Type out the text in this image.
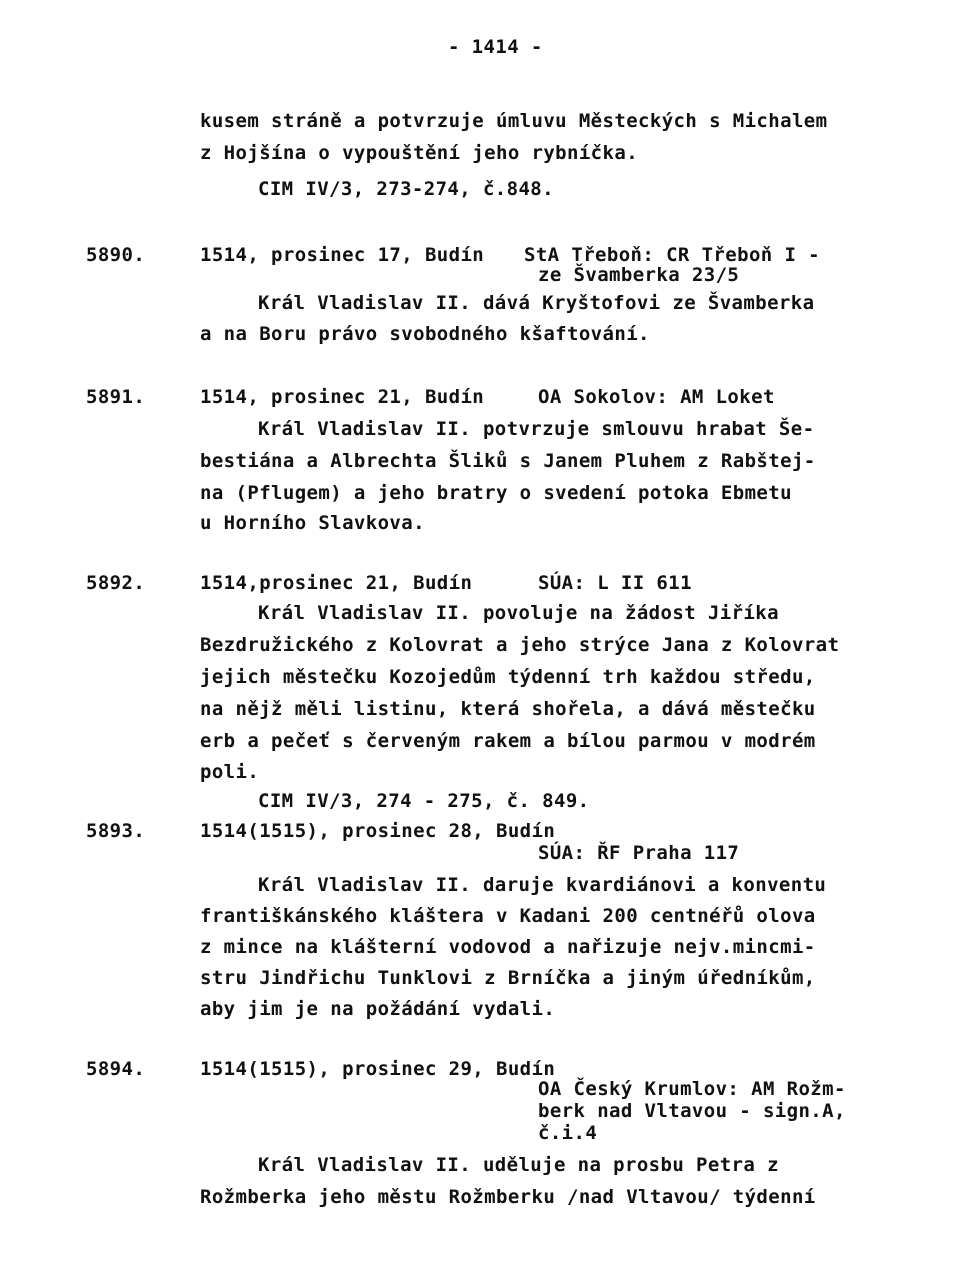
- 1414 -
kusem stráně a potvrzuje úmluvu Městeckých s Michalem
z Hojšína o vypouštění jeho rybníčka.
CIM IV/3, 273-274, č.848.
5890.	1514, prosinec 17, Budín StA Třeboň: CR Třeboň I -
ze Švamberka 23/5
Král Vladislav II. dává Kryštofovi ze Švamberka
a na Boru právo svobodného kšaftování.
5891.	1514, prosinec 21, Budín	OA Sokolov: AM Loket
Král Vladislav II. potvrzuje smlouvu hrabat Še-
bestiána a Albrechta Šliků s Janem Pluhem z Rabštej-
na (Pflugem) a jeho bratry o svedení potoka Ebmetu
u Horního Slavkova.
5892.	1514,prosinec 21, Budín	SÚA: L II 611
Král Vladislav II. povoluje na žádost Jiříka
Bezdružického z Kolovrat a jeho strýce Jana z Kolovrat
jejich městečku Kozojedům týdenní trh každou středu,
na nějž měli listinu, která shořela, a dává městečku
erb a pečeť s červeným rakem a bílou parmou v modrém
poli.
CIM IV/3, 274 - 275, č. 849.
5893.	1514(1515), prosinec 28, Budín
SÚA: ŘF Praha 117
Král Vladislav II. daruje kvardiánovi a konventu
františkánského kláštera v Kadani 200 centnéřů olova
z mince na klášterní vodovod a nařizuje nejv.mincmi-
stru Jindřichu Tunklovi z Brníčka a jiným úředníkům,
aby jim je na požádání vydali.
5894.	1514(1515), prosinec 29, Budín
OA Český Krumlov: AM Rožm-
berk nad Vltavou - sign.A,
č.i.4
Král Vladislav II. uděluje na prosbu Petra z
Rožmberka jeho městu Rožmberku /nad Vltavou/ týdenní
